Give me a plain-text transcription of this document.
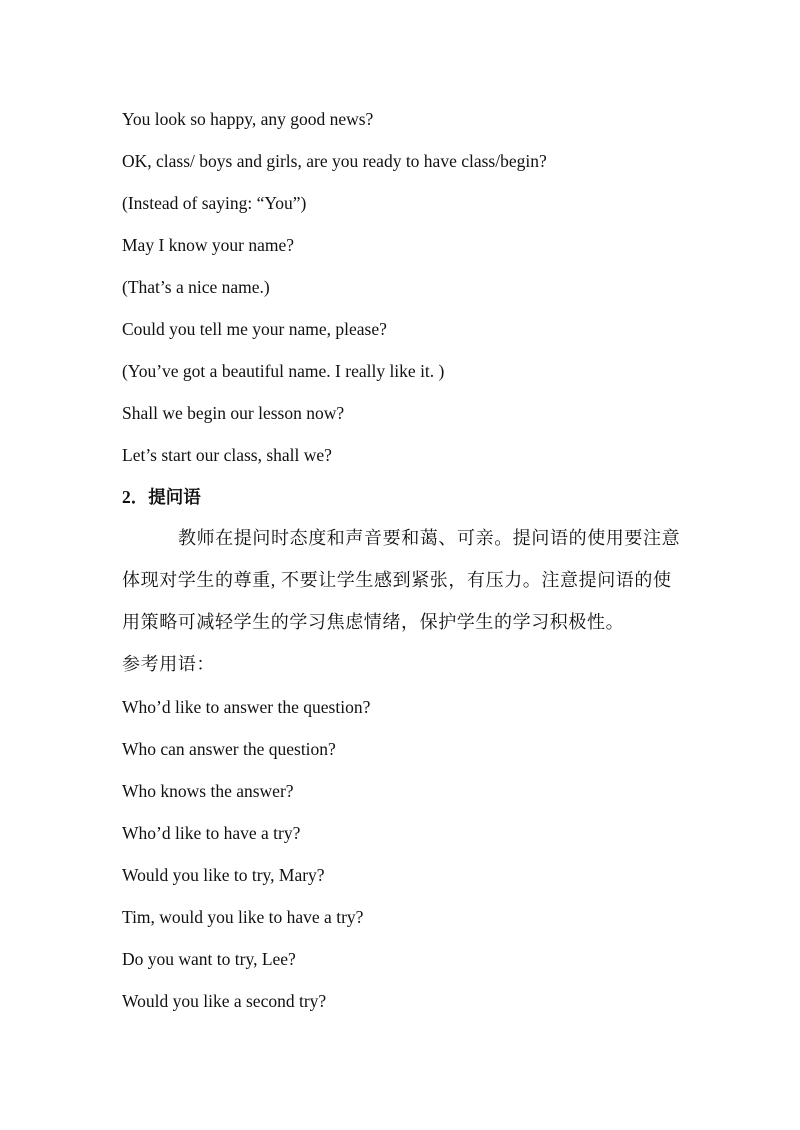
You look so happy, any good news?
OK, class/ boys and girls, are you ready to have class/begin?
(Instead of saying: “You”)
May I know your name?
(That’s a nice name.)
Could you tell me your name, please?
(You’ve got a beautiful name. I really like it. )
Shall we begin our lesson now?
Let’s start our class, shall we?
2．提问语
教师在提问时态度和声音要和蔼、可亲。提问语的使用要注意
体现对学生的尊重, 不要让学生感到紧张，有压力。注意提问语的使
用策略可减轻学生的学习焦虑情绪，保护学生的学习积极性。
参考用语：
Who’d like to answer the question?
Who can answer the question?
Who knows the answer?
Who’d like to have a try?
Would you like to try, Mary?
Tim, would you like to have a try?
Do you want to try, Lee?
Would you like a second try?
